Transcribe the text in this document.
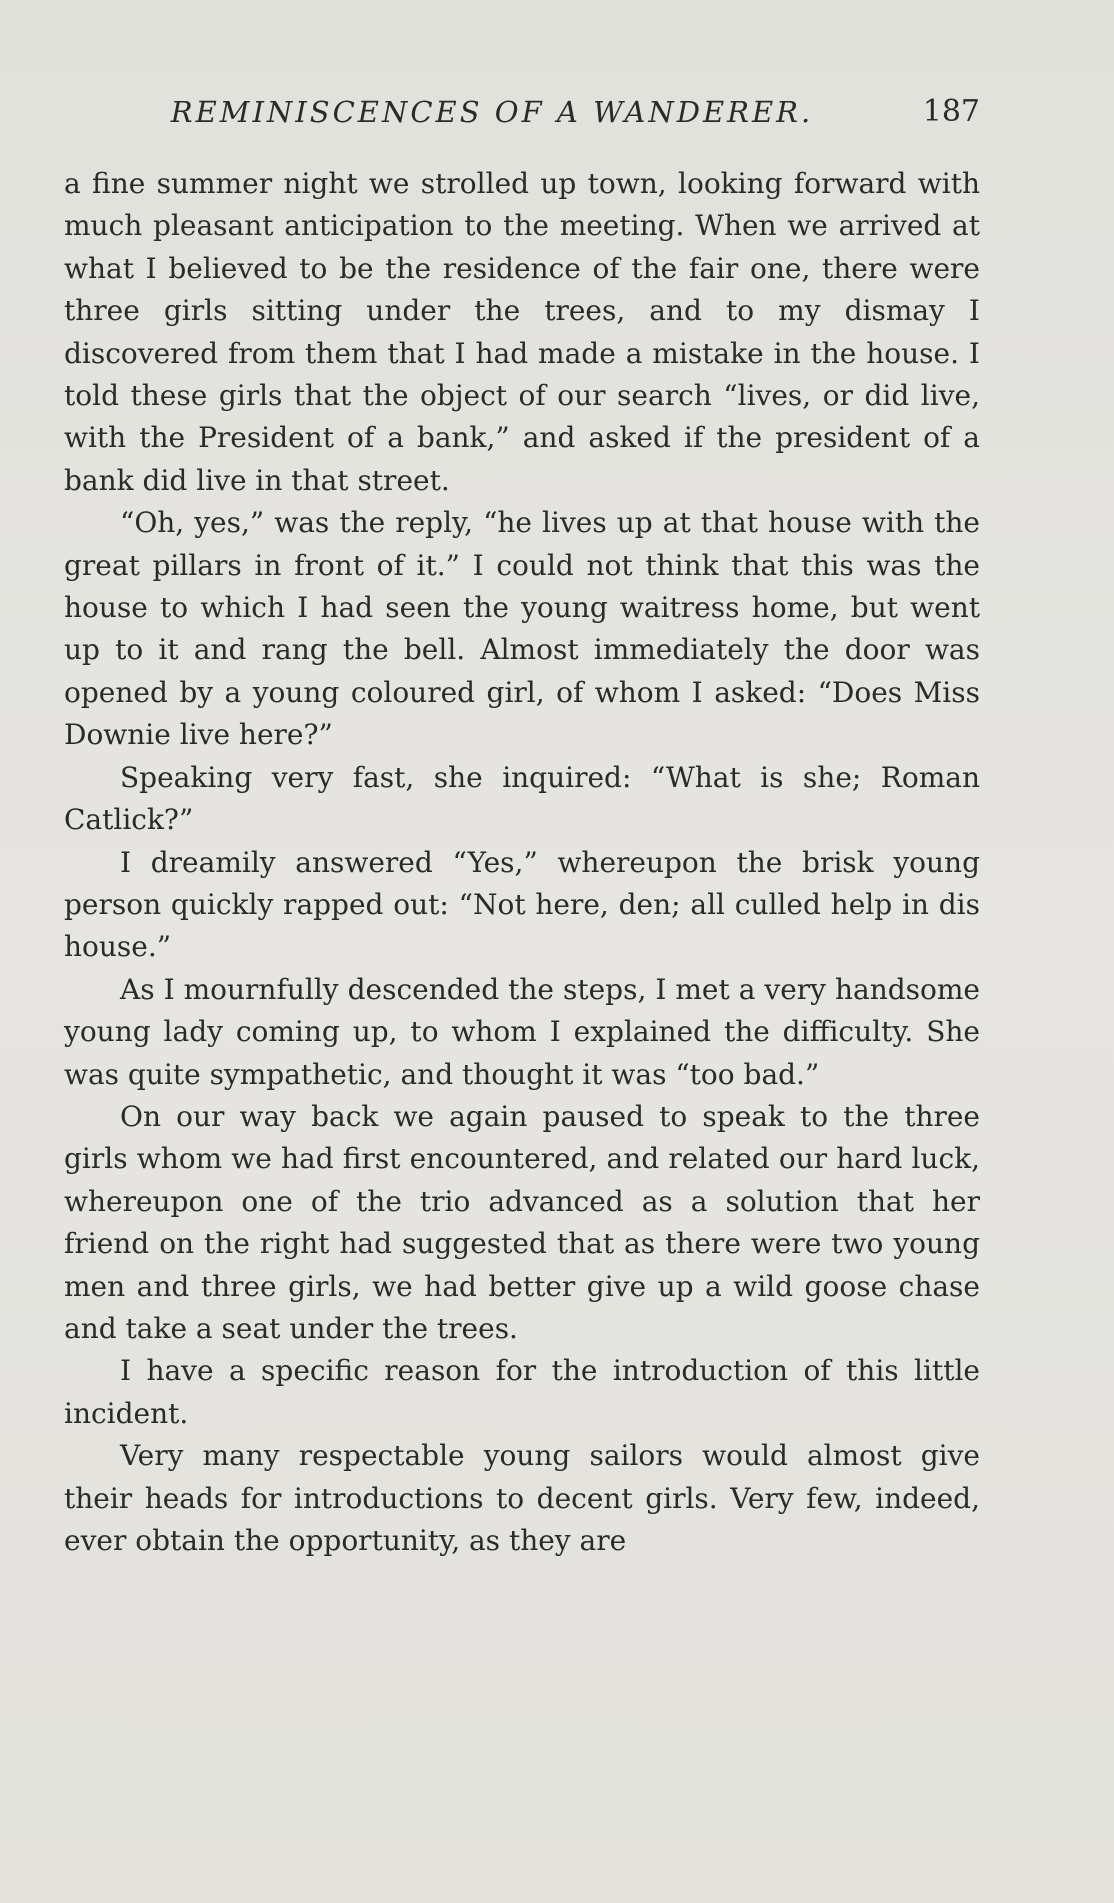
REMINISCENCES OF A WANDERER.	187

a fine summer night we strolled up town, looking forward with much pleasant anticipation to the meeting. When we arrived at what I believed to be the residence of the fair one, there were three girls sitting under the trees, and to my dismay I discovered from them that I had made a mistake in the house. I told these girls that the object of our search “lives, or did live, with the President of a bank,” and asked if the president of a bank did live in that street.

“Oh, yes,” was the reply, “he lives up at that house with the great pillars in front of it.” I could not think that this was the house to which I had seen the young waitress home, but went up to it and rang the bell. Almost immediately the door was opened by a young coloured girl, of whom I asked: “Does Miss Downie live here?”

Speaking very fast, she inquired: “What is she; Roman Catlick?”

I dreamily answered “Yes,” whereupon the brisk young person quickly rapped out: “Not here, den; all culled help in dis house.”

As I mournfully descended the steps, I met a very handsome young lady coming up, to whom I explained the difficulty. She was quite sympathetic, and thought it was “too bad.”

On our way back we again paused to speak to the three girls whom we had first encountered, and related our hard luck, whereupon one of the trio advanced as a solution that her friend on the right had suggested that as there were two young men and three girls, we had better give up a wild goose chase and take a seat under the trees.

I have a specific reason for the introduction of this little incident.

Very many respectable young sailors would almost give their heads for introductions to decent girls. Very few, indeed, ever obtain the opportunity, as they are
